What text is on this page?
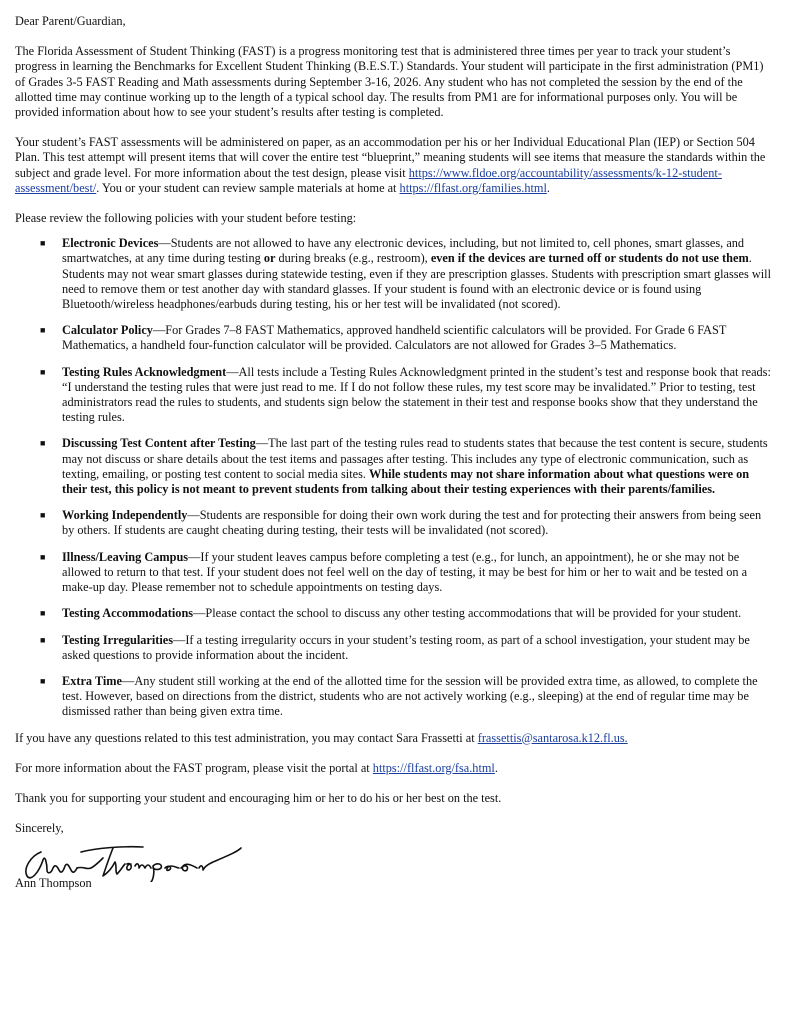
Dear Parent/Guardian,

The Florida Assessment of Student Thinking (FAST) is a progress monitoring test that is administered three times per year to track your student’s progress in learning the Benchmarks for Excellent Student Thinking (B.E.S.T.) Standards. Your student will participate in the first administration (PM1) of Grades 3-5 FAST Reading and Math assessments during September 3-16, 2026. Any student who has not completed the session by the end of the allotted time may continue working up to the length of a typical school day. The results from PM1 are for informational purposes only. You will be provided information about how to see your student’s results after testing is completed.

Your student’s FAST assessments will be administered on paper, as an accommodation per his or her Individual Educational Plan (IEP) or Section 504 Plan. This test attempt will present items that will cover the entire test “blueprint,” meaning students will see items that measure the standards within the subject and grade level. For more information about the test design, please visit https://www.fldoe.org/accountability/assessments/k-12-student-assessment/best/. You or your student can review sample materials at home at https://flfast.org/families.html.

Please review the following policies with your student before testing:

■ Electronic Devices—Students are not allowed to have any electronic devices, including, but not limited to, cell phones, smart glasses, and smartwatches, at any time during testing or during breaks (e.g., restroom), even if the devices are turned off or students do not use them. Students may not wear smart glasses during statewide testing, even if they are prescription glasses. Students with prescription smart glasses will need to remove them or test another day with standard glasses. If your student is found with an electronic device or is found using Bluetooth/wireless headphones/earbuds during testing, his or her test will be invalidated (not scored).
■ Calculator Policy—For Grades 7–8 FAST Mathematics, approved handheld scientific calculators will be provided. For Grade 6 FAST Mathematics, a handheld four-function calculator will be provided. Calculators are not allowed for Grades 3–5 Mathematics.
■ Testing Rules Acknowledgment—All tests include a Testing Rules Acknowledgment printed in the student’s test and response book that reads: “I understand the testing rules that were just read to me. If I do not follow these rules, my test score may be invalidated.” Prior to testing, test administrators read the rules to students, and students sign below the statement in their test and response books show that they understand the testing rules.
■ Discussing Test Content after Testing—The last part of the testing rules read to students states that because the test content is secure, students may not discuss or share details about the test items and passages after testing. This includes any type of electronic communication, such as texting, emailing, or posting test content to social media sites. While students may not share information about what questions were on their test, this policy is not meant to prevent students from talking about their testing experiences with their parents/families.
■ Working Independently—Students are responsible for doing their own work during the test and for protecting their answers from being seen by others. If students are caught cheating during testing, their tests will be invalidated (not scored).
■ Illness/Leaving Campus—If your student leaves campus before completing a test (e.g., for lunch, an appointment), he or she may not be allowed to return to that test. If your student does not feel well on the day of testing, it may be best for him or her to wait and be tested on a make-up day. Please remember not to schedule appointments on testing days.
■ Testing Accommodations—Please contact the school to discuss any other testing accommodations that will be provided for your student.
■ Testing Irregularities—If a testing irregularity occurs in your student’s testing room, as part of a school investigation, your student may be asked questions to provide information about the incident.
■ Extra Time—Any student still working at the end of the allotted time for the session will be provided extra time, as allowed, to complete the test. However, based on directions from the district, students who are not actively working (e.g., sleeping) at the end of regular time may be dismissed rather than being given extra time.

If you have any questions related to this test administration, you may contact Sara Frassetti at frassettis@santarosa.k12.fl.us.

For more information about the FAST program, please visit the portal at https://flfast.org/fsa.html.

Thank you for supporting your student and encouraging him or her to do his or her best on the test.

Sincerely,

Ann Thompson
